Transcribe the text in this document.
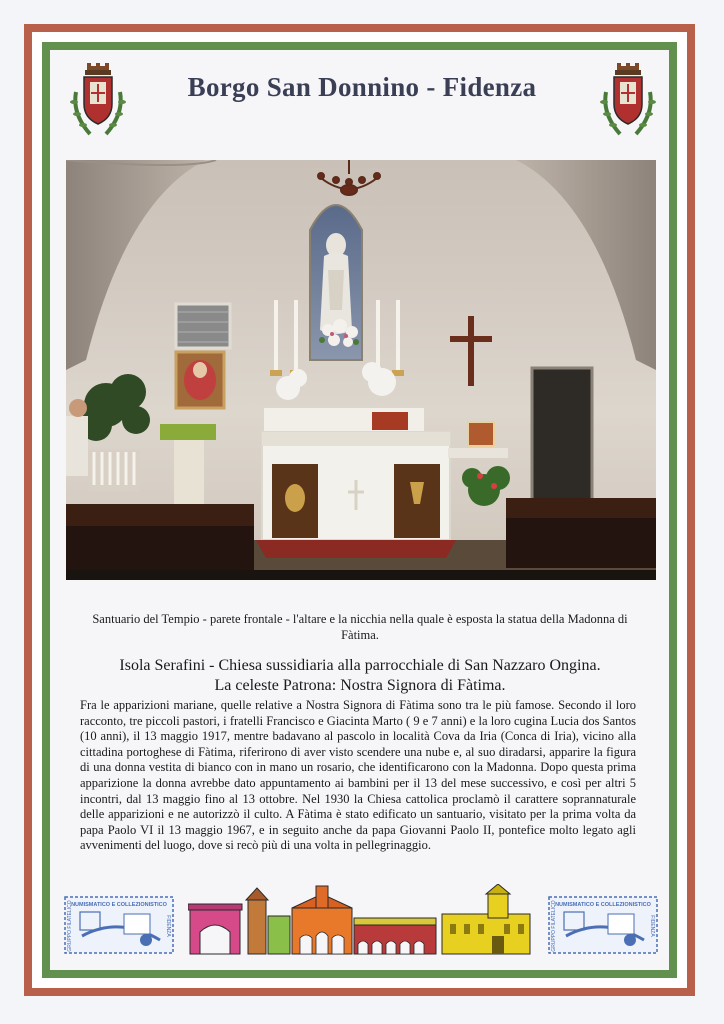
Borgo San Donnino - Fidenza
Santuario del Tempio - parete frontale - l'altare e la nicchia nella quale è esposta la statua della Madonna di Fàtima.
Isola Serafini - Chiesa sussidiaria alla parrocchiale di San Nazzaro Ongina.
La celeste Patrona: Nostra Signora di Fàtima.
Fra le apparizioni mariane, quelle relative a Nostra Signora di Fàtima sono tra le più famose. Secondo il loro racconto, tre piccoli pastori, i fratelli Francisco e Giacinta Marto ( 9 e 7 anni) e la loro cugina Lucia dos Santos (10 anni), il 13 maggio 1917, mentre badavano al pascolo in località Cova da Iria (Conca di Iria), vicino alla cittadina portoghese di Fàtima, riferirono di aver visto scendere una nube e, al suo diradarsi, apparire la figura di una donna vestita di bianco con in mano un rosario, che identificarono con la Madonna. Dopo questa prima apparizione la donna avrebbe dato appuntamento ai bambini per il 13 del mese successivo, e così per altri 5 incontri, dal 13 maggio fino al 13 ottobre. Nel 1930 la Chiesa cattolica proclamò il carattere soprannaturale delle apparizioni e ne autorizzò il culto. A Fàtima è stato edificato un santuario, visitato per la prima volta da papa Paolo VI il 13 maggio 1967, e in seguito anche da papa Giovanni Paolo II, pontefice molto legato agli avvenimenti del luogo, dove si recò più di una volta in pellegrinaggio.
NUMISMATICO E COLLEZIONISTICO
GRUPPO FILATELICO	FIDENZA
NUMISMATICO E COLLEZIONISTICO
GRUPPO FILATELICO	FIDENZA
